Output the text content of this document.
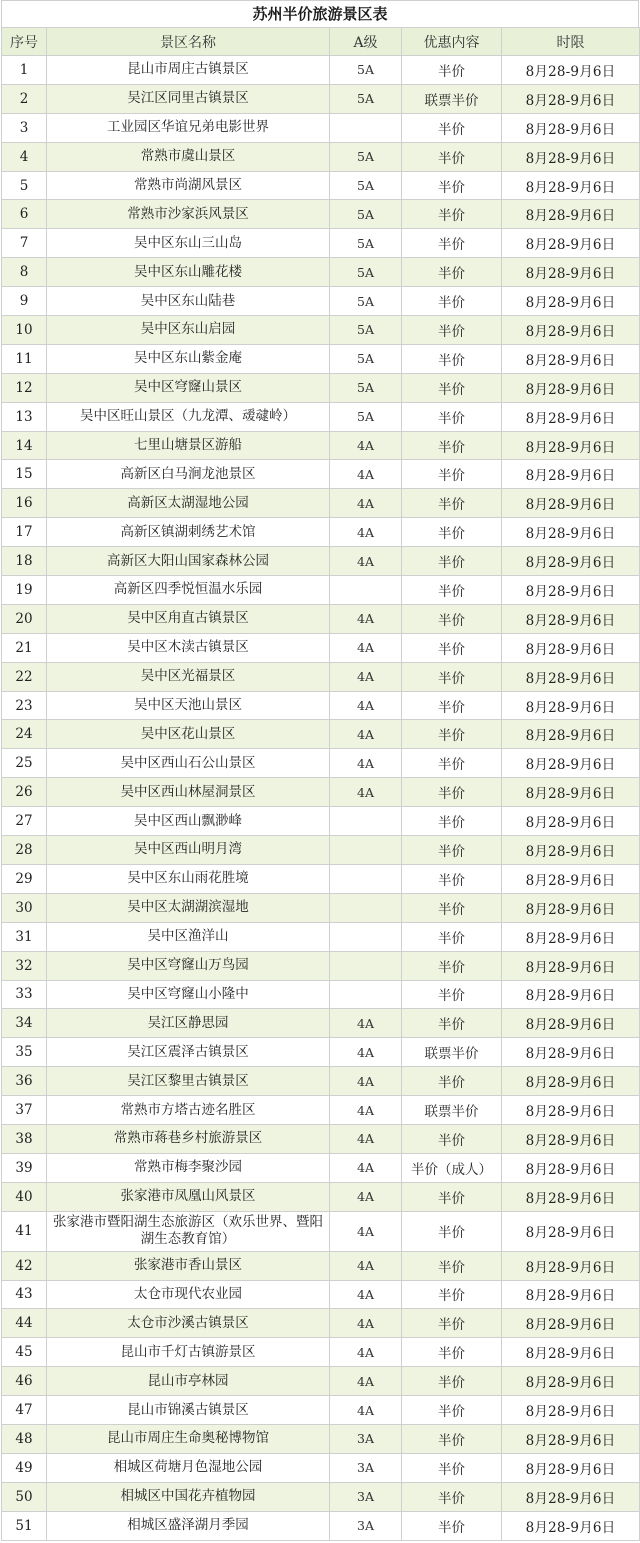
苏州半价旅游景区表
序号	景区名称	A级	优惠内容	时限
1	昆山市周庄古镇景区	5A	半价	8月28-9月6日
2	吴江区同里古镇景区	5A	联票半价	8月28-9月6日
3	工业园区华谊兄弟电影世界		半价	8月28-9月6日
4	常熟市虞山景区	5A	半价	8月28-9月6日
5	常熟市尚湖风景区	5A	半价	8月28-9月6日
6	常熟市沙家浜风景区	5A	半价	8月28-9月6日
7	吴中区东山三山岛	5A	半价	8月28-9月6日
8	吴中区东山雕花楼	5A	半价	8月28-9月6日
9	吴中区东山陆巷	5A	半价	8月28-9月6日
10	吴中区东山启园	5A	半价	8月28-9月6日
11	吴中区东山紫金庵	5A	半价	8月28-9月6日
12	吴中区穹窿山景区	5A	半价	8月28-9月6日
13	吴中区旺山景区（九龙潭、叆叇岭）	5A	半价	8月28-9月6日
14	七里山塘景区游船	4A	半价	8月28-9月6日
15	高新区白马涧龙池景区	4A	半价	8月28-9月6日
16	高新区太湖湿地公园	4A	半价	8月28-9月6日
17	高新区镇湖刺绣艺术馆	4A	半价	8月28-9月6日
18	高新区大阳山国家森林公园	4A	半价	8月28-9月6日
19	高新区四季悦恒温水乐园		半价	8月28-9月6日
20	吴中区甪直古镇景区	4A	半价	8月28-9月6日
21	吴中区木渎古镇景区	4A	半价	8月28-9月6日
22	吴中区光福景区	4A	半价	8月28-9月6日
23	吴中区天池山景区	4A	半价	8月28-9月6日
24	吴中区花山景区	4A	半价	8月28-9月6日
25	吴中区西山石公山景区	4A	半价	8月28-9月6日
26	吴中区西山林屋洞景区	4A	半价	8月28-9月6日
27	吴中区西山飘渺峰		半价	8月28-9月6日
28	吴中区西山明月湾		半价	8月28-9月6日
29	吴中区东山雨花胜境		半价	8月28-9月6日
30	吴中区太湖湖滨湿地		半价	8月28-9月6日
31	吴中区渔洋山		半价	8月28-9月6日
32	吴中区穹窿山万鸟园		半价	8月28-9月6日
33	吴中区穹窿山小隆中		半价	8月28-9月6日
34	吴江区静思园	4A	半价	8月28-9月6日
35	吴江区震泽古镇景区	4A	联票半价	8月28-9月6日
36	吴江区黎里古镇景区	4A	半价	8月28-9月6日
37	常熟市方塔古迹名胜区	4A	联票半价	8月28-9月6日
38	常熟市蒋巷乡村旅游景区	4A	半价	8月28-9月6日
39	常熟市梅李聚沙园	4A	半价（成人）	8月28-9月6日
40	张家港市凤凰山风景区	4A	半价	8月28-9月6日
41	张家港市暨阳湖生态旅游区（欢乐世界、暨阳湖生态教育馆）	4A	半价	8月28-9月6日
42	张家港市香山景区	4A	半价	8月28-9月6日
43	太仓市现代农业园	4A	半价	8月28-9月6日
44	太仓市沙溪古镇景区	4A	半价	8月28-9月6日
45	昆山市千灯古镇游景区	4A	半价	8月28-9月6日
46	昆山市亭林园	4A	半价	8月28-9月6日
47	昆山市锦溪古镇景区	4A	半价	8月28-9月6日
48	昆山市周庄生命奥秘博物馆	3A	半价	8月28-9月6日
49	相城区荷塘月色湿地公园	3A	半价	8月28-9月6日
50	相城区中国花卉植物园	3A	半价	8月28-9月6日
51	相城区盛泽湖月季园	3A	半价	8月28-9月6日
